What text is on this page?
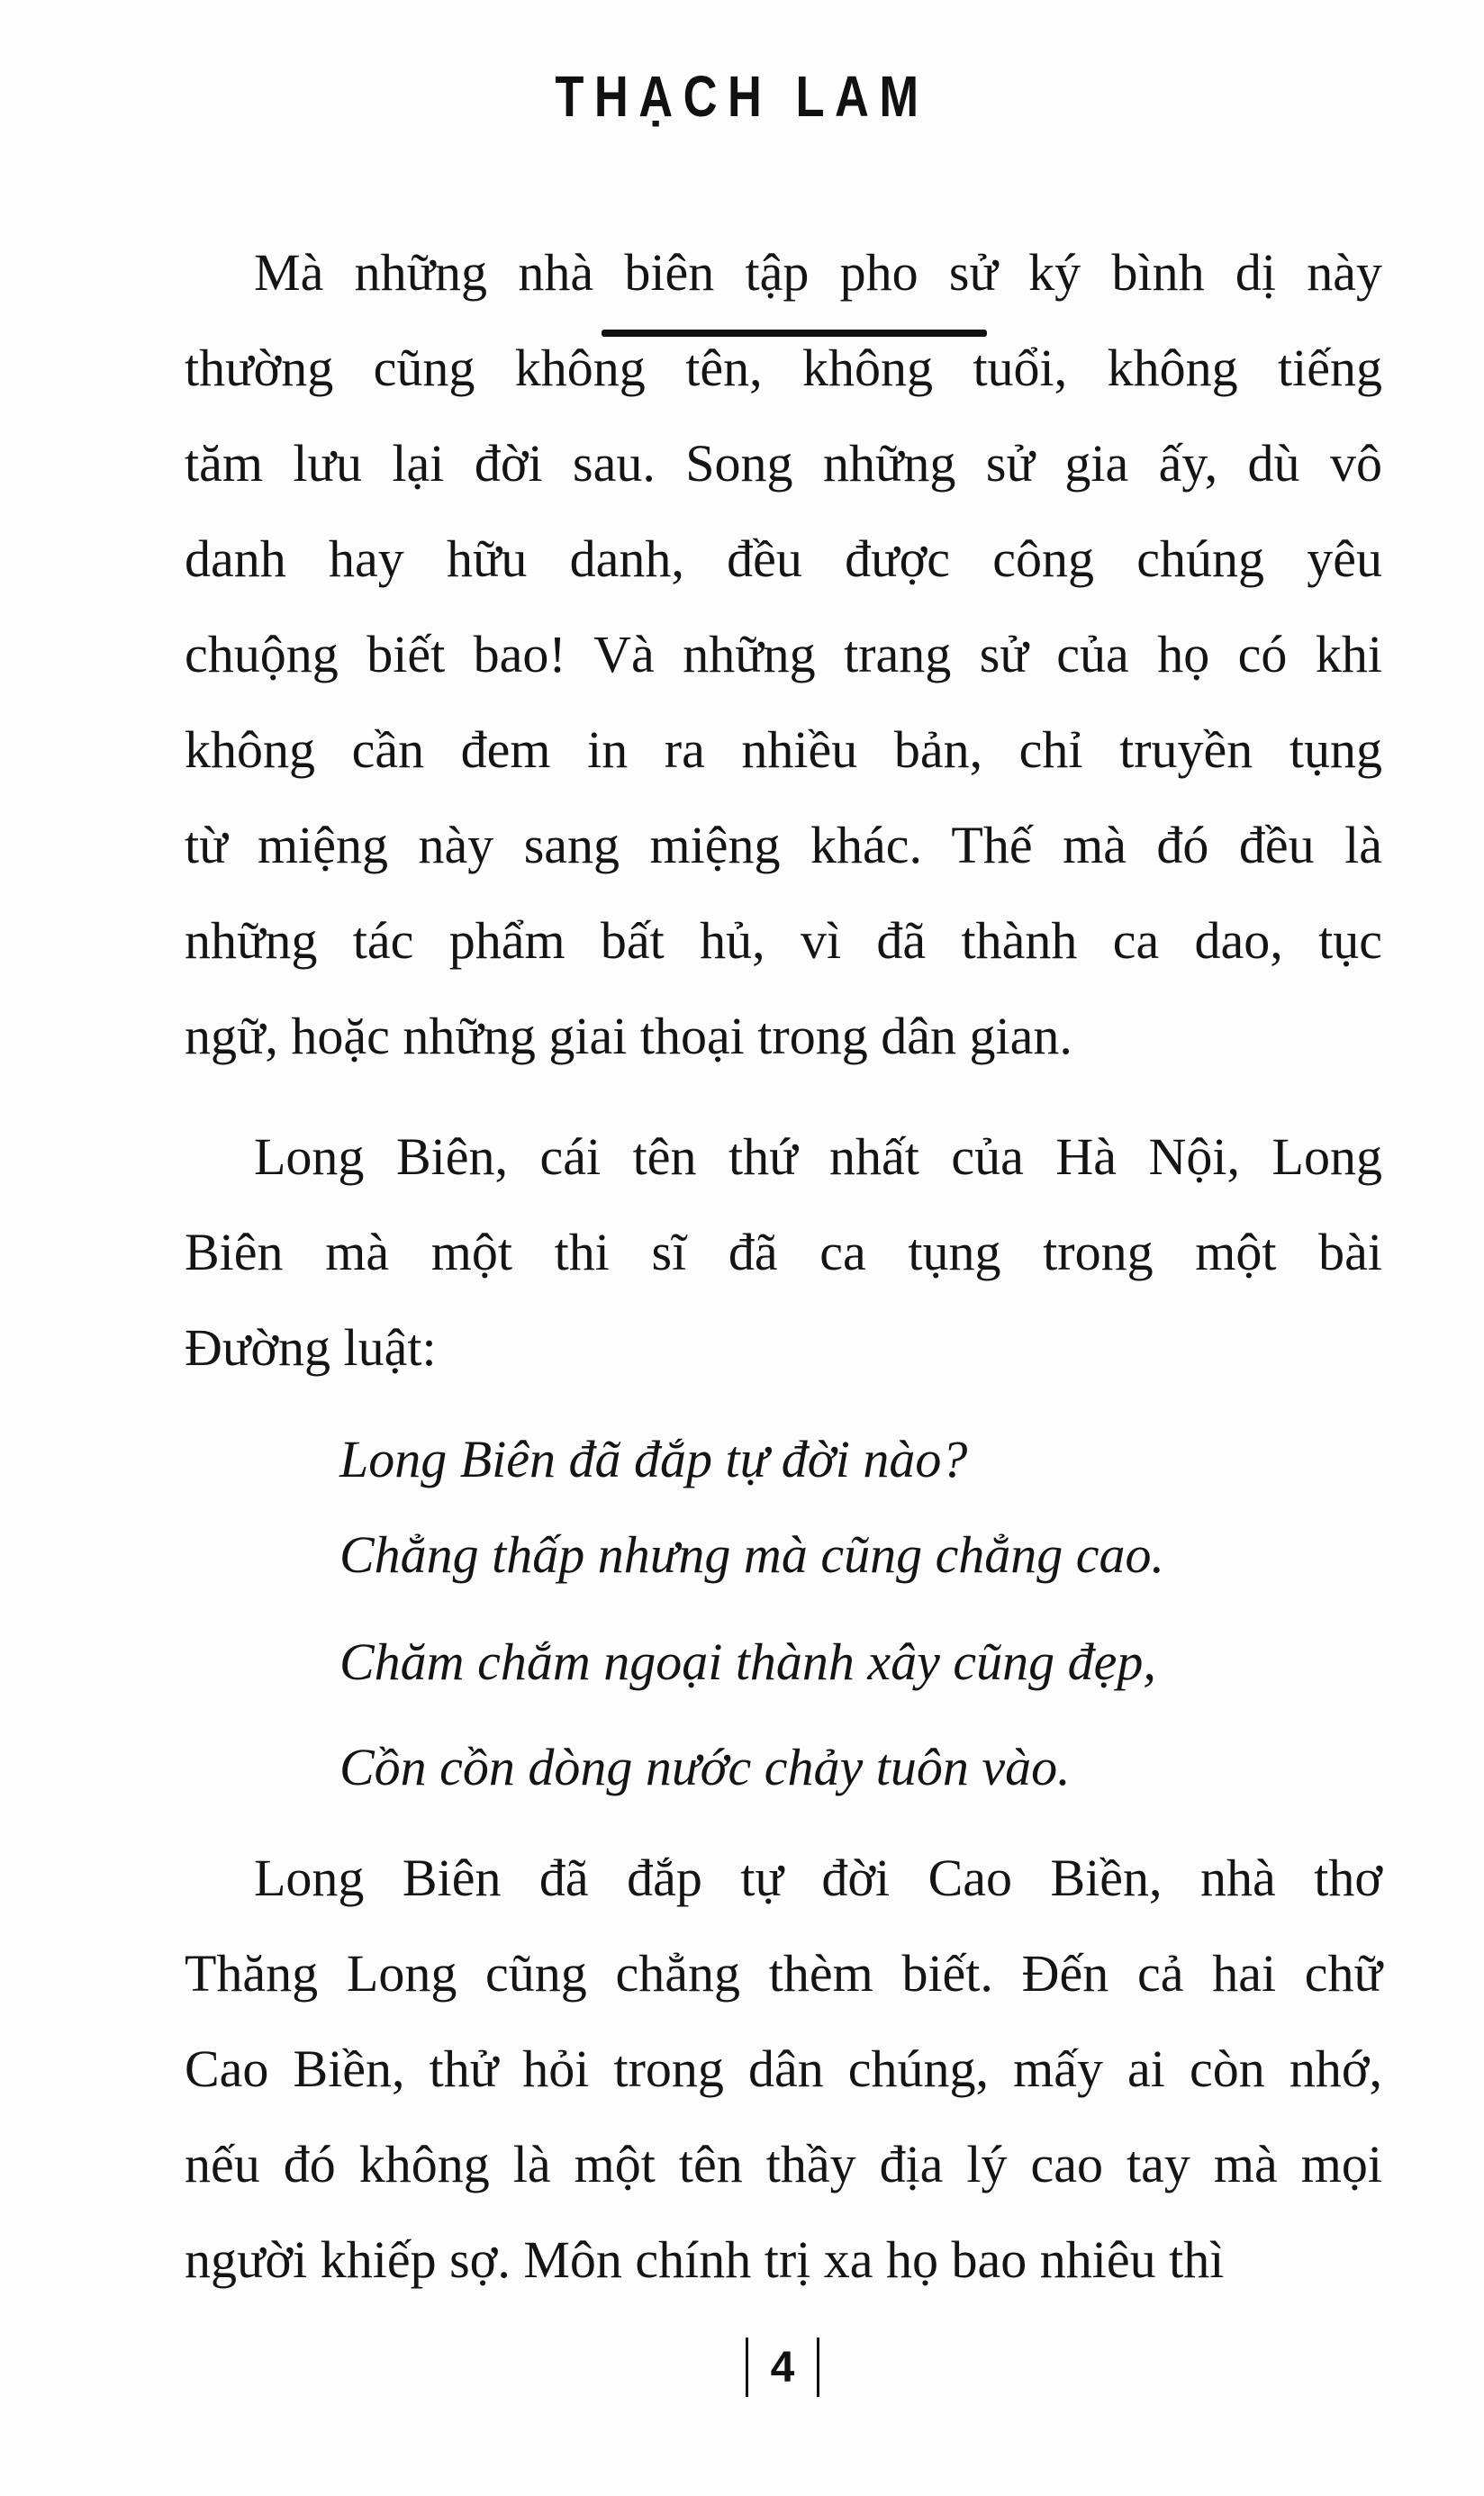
THẠCH LAM
Mà những nhà biên tập pho sử ký bình dị này
thường cũng không tên, không tuổi, không tiếng
tăm lưu lại đời sau. Song những sử gia ấy, dù vô
danh hay hữu danh, đều được công chúng yêu
chuộng biết bao! Và những trang sử của họ có khi
không cần đem in ra nhiều bản, chỉ truyền tụng
từ miệng này sang miệng khác. Thế mà đó đều là
những tác phẩm bất hủ, vì đã thành ca dao, tục
ngữ, hoặc những giai thoại trong dân gian.
Long Biên, cái tên thứ nhất của Hà Nội, Long
Biên mà một thi sĩ đã ca tụng trong một bài
Đường luật:
Long Biên đã đắp tự đời Cao Biền, nhà thơ
Thăng Long cũng chẳng thèm biết. Đến cả hai chữ
Cao Biền, thử hỏi trong dân chúng, mấy ai còn nhớ,
nếu đó không là một tên thầy địa lý cao tay mà mọi
người khiếp sợ. Môn chính trị xa họ bao nhiêu thì
Long Biên đã đắp tự đời nào?
Chẳng thấp nhưng mà cũng chẳng cao.
Chăm chắm ngoại thành xây cũng đẹp,
Cồn cồn dòng nước chảy tuôn vào.
4
